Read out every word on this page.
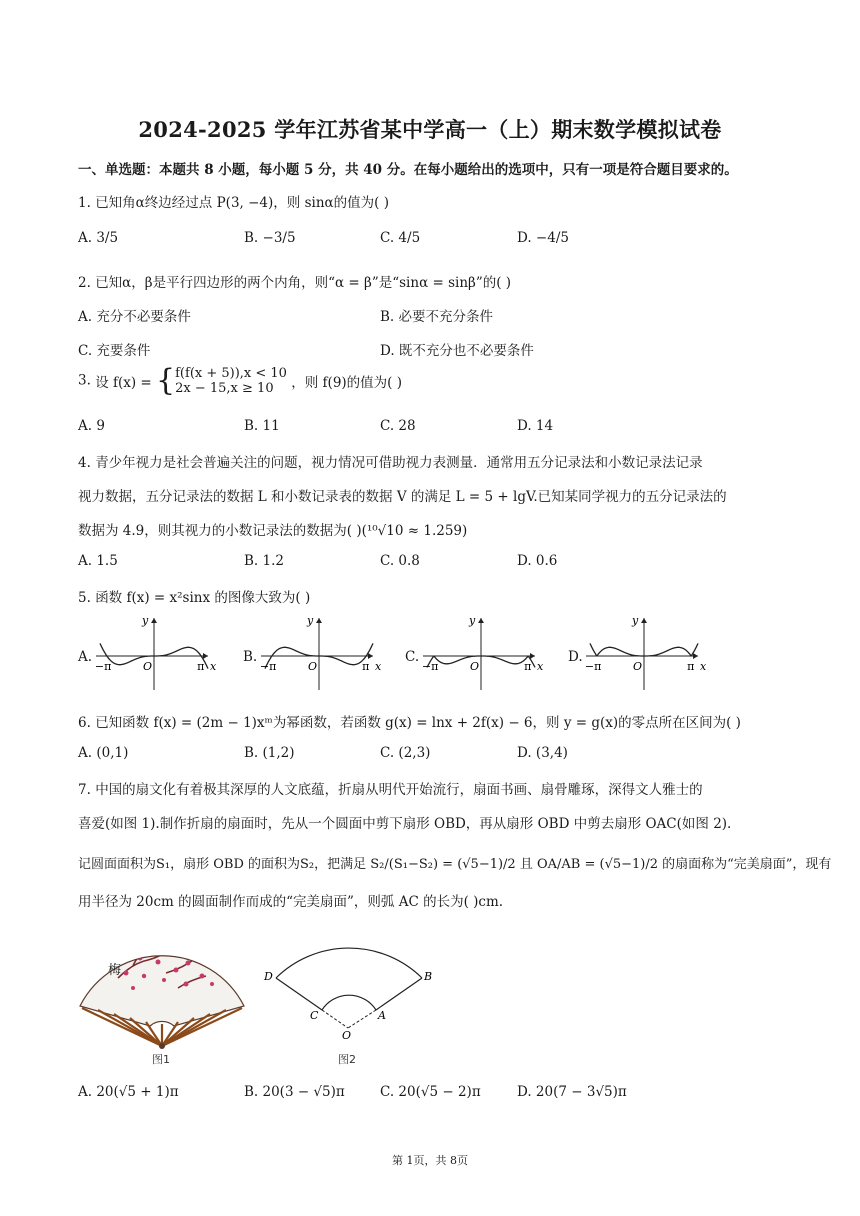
2024-2025 学年江苏省某中学高一（上）期末数学模拟试卷
一、单选题：本题共 8 小题，每小题 5 分，共 40 分。在每小题给出的选项中，只有一项是符合题目要求的。
1. 已知角α终边经过点 P(3, −4)，则 sinα的值为( )
A. 3/5	B. −3/5	C. 4/5	D. −4/5
2. 已知α，β是平行四边形的两个内角，则“α = β”是“sinα = sinβ”的( )
A. 充分不必要条件	B. 必要不充分条件
C. 充要条件	D. 既不充分也不必要条件
3. 设 f(x) = { f(f(x + 5)),x < 10
2x − 15,x ≥ 10	，则 f(9)的值为( )
A. 9	B. 11	C. 28	D. 14
4. 青少年视力是社会普遍关注的问题，视力情况可借助视力表测量．通常用五分记录法和小数记录法记录
视力数据，五分记录法的数据 L 和小数记录表的数据 V 的满足 L = 5 + lgV.已知某同学视力的五分记录法的
数据为 4.9，则其视力的小数记录法的数据为( )(¹⁰√10 ≈ 1.259)
A. 1.5	B. 1.2	C. 0.8	D. 0.6
5. 函数 f(x) = x²sinx 的图像大致为( )
A.	B.	C.	D.
y
x
O
−π	π
y
x
O
−π	π
y
x
O
−π	π
y
x
O
−π	π
6. 已知函数 f(x) = (2m − 1)xᵐ为幂函数，若函数 g(x) = lnx + 2f(x) − 6，则 y = g(x)的零点所在区间为( )
A. (0,1)	B. (1,2)	C. (2,3)	D. (3,4)
7. 中国的扇文化有着极其深厚的人文底蕴，折扇从明代开始流行，扇面书画、扇骨雕琢，深得文人雅士的
喜爱(如图 1).制作折扇的扇面时，先从一个圆面中剪下扇形 OBD，再从扇形 OBD 中剪去扇形 OAC(如图 2).
记圆面面积为S₁，扇形 OBD 的面积为S₂，把满足 S₂/(S₁−S₂) = (√5−1)/2 且 OA/AB = (√5−1)/2 的扇面称为“完美扇面”，现有
用半径为 20cm 的圆面制作而成的“完美扇面”，则弧 AC 的长为( )cm.
梅
图1
D	B
C	A
O
图2
A. 20(√5 + 1)π	B. 20(3 − √5)π	C. 20(√5 − 2)π	D. 20(7 − 3√5)π
第 1页，共 8页
